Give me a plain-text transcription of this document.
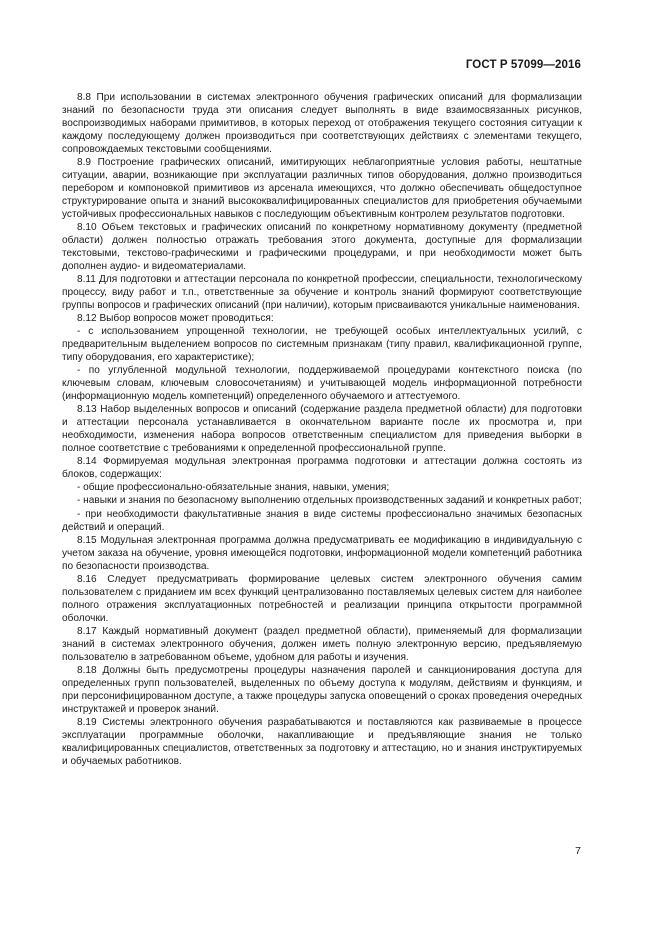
ГОСТ Р 57099—2016

8.8 При использовании в системах электронного обучения графических описаний для формализации знаний по безопасности труда эти описания следует выполнять в виде взаимосвязанных рисунков, воспроизводимых наборами примитивов, в которых переход от отображения текущего состояния ситуации к каждому последующему должен производиться при соответствующих действиях с элементами текущего, сопровождаемых текстовыми сообщениями.

8.9 Построение графических описаний, имитирующих неблагоприятные условия работы, нештатные ситуации, аварии, возникающие при эксплуатации различных типов оборудования, должно производиться перебором и компоновкой примитивов из арсенала имеющихся, что должно обеспечивать общедоступное структурирование опыта и знаний высококвалифицированных специалистов для приобретения обучаемыми устойчивых профессиональных навыков с последующим объективным контролем результатов подготовки.

8.10 Объем текстовых и графических описаний по конкретному нормативному документу (предметной области) должен полностью отражать требования этого документа, доступные для формализации текстовыми, текстово-графическими и графическими процедурами, и при необходимости может быть дополнен аудио- и видеоматериалами.

8.11 Для подготовки и аттестации персонала по конкретной профессии, специальности, технологическому процессу, виду работ и т.п., ответственные за обучение и контроль знаний формируют соответствующие группы вопросов и графических описаний (при наличии), которым присваиваются уникальные наименования.

8.12 Выбор вопросов может проводиться:

- с использованием упрощенной технологии, не требующей особых интеллектуальных усилий, с предварительным выделением вопросов по системным признакам (типу правил, квалификационной группе, типу оборудования, его характеристике);

- по углубленной модульной технологии, поддерживаемой процедурами контекстного поиска (по ключевым словам, ключевым словосочетаниям) и учитывающей модель информационной потребности (информационную модель компетенций) определенного обучаемого и аттестуемого.

8.13 Набор выделенных вопросов и описаний (содержание раздела предметной области) для подготовки и аттестации персонала устанавливается в окончательном варианте после их просмотра и, при необходимости, изменения набора вопросов ответственным специалистом для приведения выборки в полное соответствие с требованиями к определенной профессиональной группе.

8.14 Формируемая модульная электронная программа подготовки и аттестации должна состоять из блоков, содержащих:

- общие профессионально-обязательные знания, навыки, умения;

- навыки и знания по безопасному выполнению отдельных производственных заданий и конкретных работ;

- при необходимости факультативные знания в виде системы профессионально значимых безопасных действий и операций.

8.15 Модульная электронная программа должна предусматривать ее модификацию в индивидуальную с учетом заказа на обучение, уровня имеющейся подготовки, информационной модели компетенций работника по безопасности производства.

8.16 Следует предусматривать формирование целевых систем электронного обучения самим пользователем с приданием им всех функций централизованно поставляемых целевых систем для наиболее полного отражения эксплуатационных потребностей и реализации принципа открытости программной оболочки.

8.17 Каждый нормативный документ (раздел предметной области), применяемый для формализации знаний в системах электронного обучения, должен иметь полную электронную версию, предъявляемую пользователю в затребованном объеме, удобном для работы и изучения.

8.18 Должны быть предусмотрены процедуры назначения паролей и санкционирования доступа для определенных групп пользователей, выделенных по объему доступа к модулям, действиям и функциям, и при персонифицированном доступе, а также процедуры запуска оповещений о сроках проведения очередных инструктажей и проверок знаний.

8.19 Системы электронного обучения разрабатываются и поставляются как развиваемые в процессе эксплуатации программные оболочки, накапливающие и предъявляющие знания не только квалифицированных специалистов, ответственных за подготовку и аттестацию, но и знания инструктируемых и обучаемых работников.

7
